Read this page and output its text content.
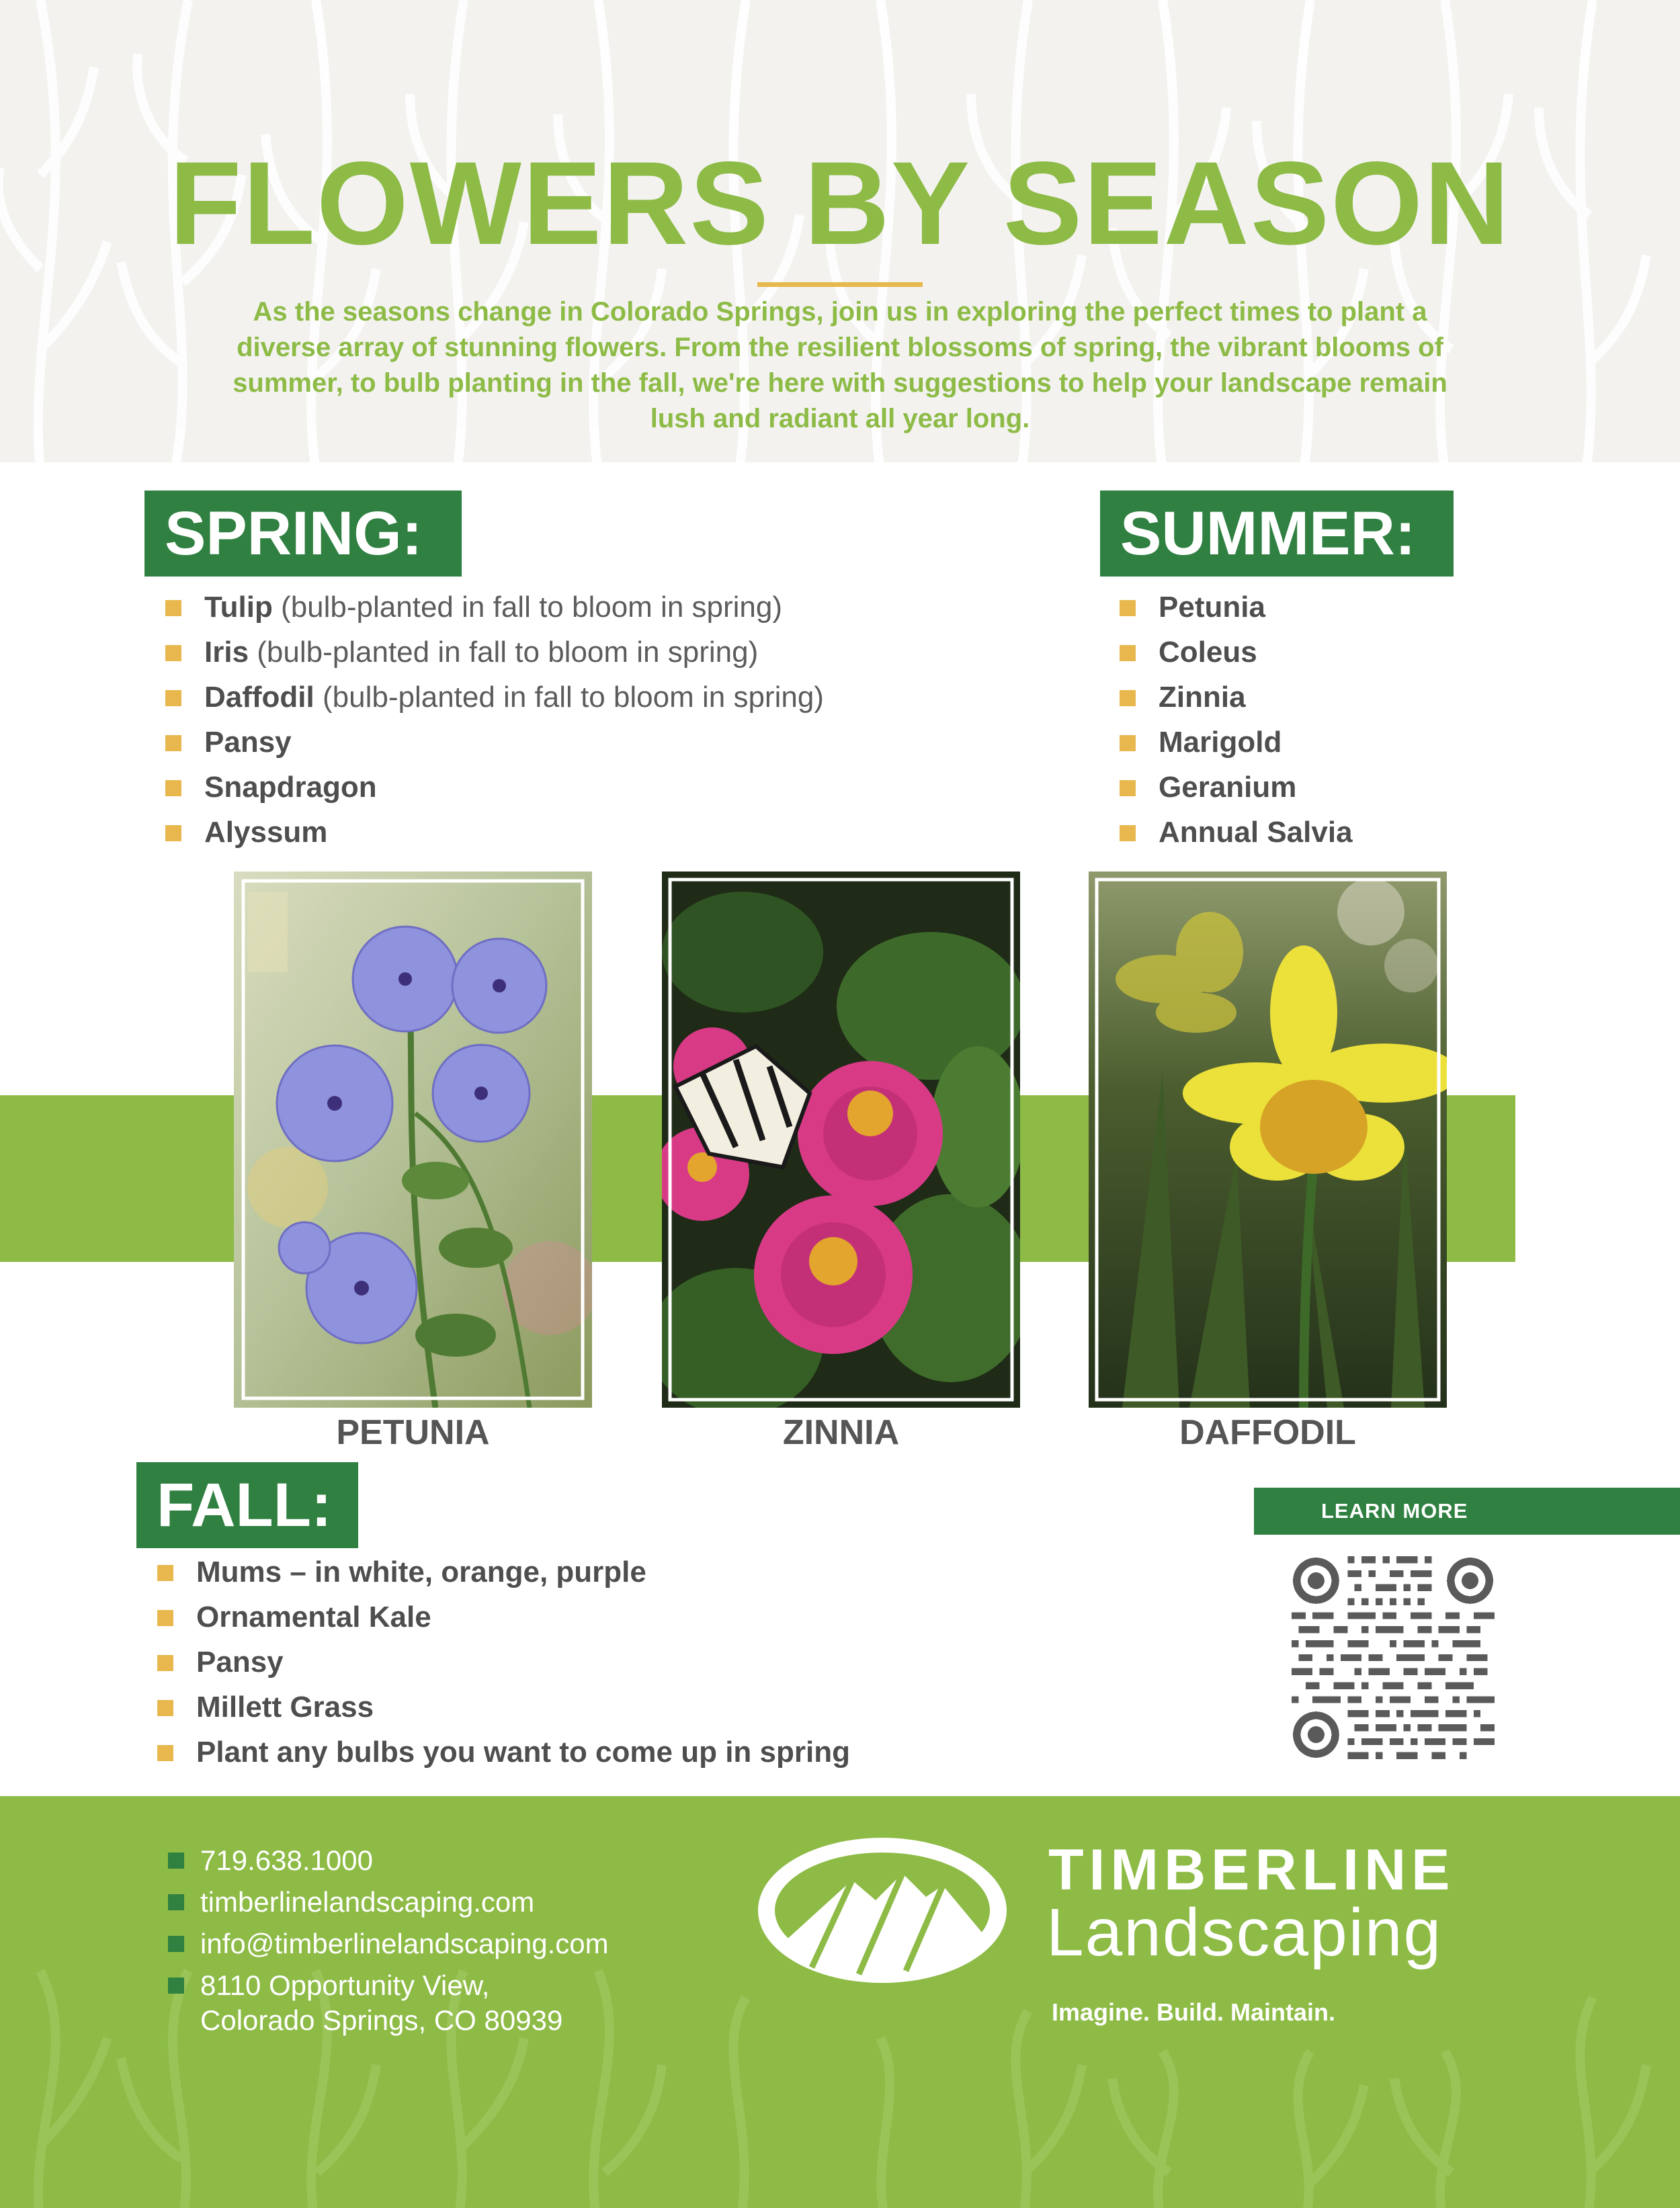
FLOWERS BY SEASON
As the seasons change in Colorado Springs, join us in exploring the perfect times to plant a
diverse array of stunning flowers. From the resilient blossoms of spring, the vibrant blooms of
summer, to bulb planting in the fall, we're here with suggestions to help your landscape remain
lush and radiant all year long.
SPRING:
Tulip (bulb-planted in fall to bloom in spring)
Iris (bulb-planted in fall to bloom in spring)
Daffodil (bulb-planted in fall to bloom in spring)
Pansy
Snapdragon
Alyssum
SUMMER:
Petunia
Coleus
Zinnia
Marigold
Geranium
Annual Salvia
PETUNIA	ZINNIA	DAFFODIL
FALL:
Mums – in white, orange, purple
Ornamental Kale
Pansy
Millett Grass
Plant any bulbs you want to come up in spring
LEARN MORE
719.638.1000
timberlinelandscaping.com
info@timberlinelandscaping.com
8110 Opportunity View,
Colorado Springs, CO 80939
TIMBERLINE
Landscaping
Imagine. Build. Maintain.
